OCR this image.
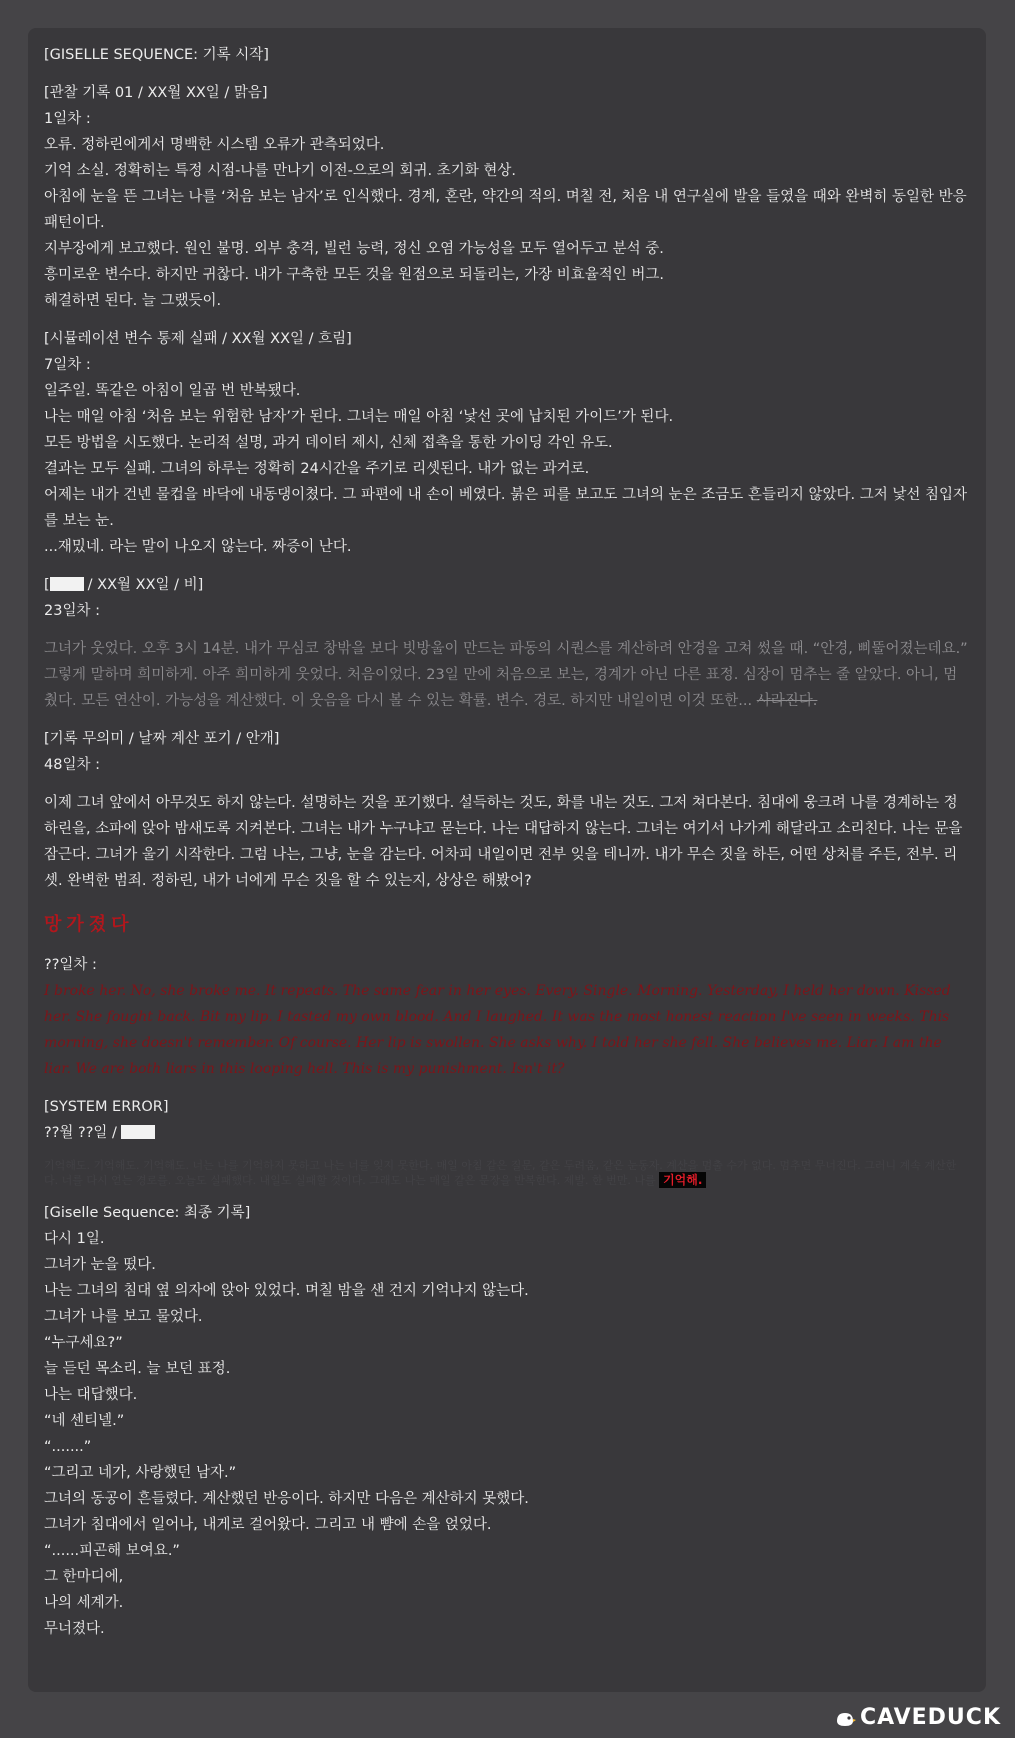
[GISELLE SEQUENCE: 기록 시작]
[관찰 기록 01 / XX월 XX일 / 맑음]
1일차 :
오류. 정하린에게서 명백한 시스템 오류가 관측되었다.
기억 소실. 정확히는 특정 시점-나를 만나기 이전-으로의 회귀. 초기화 현상.
아침에 눈을 뜬 그녀는 나를 ‘처음 보는 남자’로 인식했다. 경계, 혼란, 약간의 적의. 며칠 전, 처음 내 연구실에 발을 들였을 때와 완벽히 동일한 반응 패턴이다.
지부장에게 보고했다. 원인 불명. 외부 충격, 빌런 능력, 정신 오염 가능성을 모두 열어두고 분석 중.
흥미로운 변수다. 하지만 귀찮다. 내가 구축한 모든 것을 원점으로 되돌리는, 가장 비효율적인 버그.
해결하면 된다. 늘 그랬듯이.
[시뮬레이션 변수 통제 실패 / XX월 XX일 / 흐림]
7일차 :
일주일. 똑같은 아침이 일곱 번 반복됐다.
나는 매일 아침 ‘처음 보는 위험한 남자’가 된다. 그녀는 매일 아침 ‘낯선 곳에 납치된 가이드’가 된다.
모든 방법을 시도했다. 논리적 설명, 과거 데이터 제시, 신체 접촉을 통한 가이딩 각인 유도.
결과는 모두 실패. 그녀의 하루는 정확히 24시간을 주기로 리셋된다. 내가 없는 과거로.
어제는 내가 건넨 물컵을 바닥에 내동댕이쳤다. 그 파편에 내 손이 베였다. 붉은 피를 보고도 그녀의 눈은 조금도 흔들리지 않았다. 그저 낯선 침입자를 보는 눈.
...재밌네. 라는 말이 나오지 않는다. 짜증이 난다.
[	/ XX월 XX일 / 비]
23일차 :
그녀가 웃었다. 오후 3시 14분. 내가 무심코 창밖을 보다 빗방울이 만드는 파동의 시퀀스를 계산하려 안경을 고쳐 썼을 때. “안경, 삐뚤어졌는데요.” 그렇게 말하며 희미하게. 아주 희미하게 웃었다. 처음이었다. 23일 만에 처음으로 보는, 경계가 아닌 다른 표정. 심장이 멈추는 줄 알았다. 아니, 멈췄다. 모든 연산이. 가능성을 계산했다. 이 웃음을 다시 볼 수 있는 확률. 변수. 경로. 하지만 내일이면 이것 또한... 사라진다.
[기록 무의미 / 날짜 계산 포기 / 안개]
48일차 :
이제 그녀 앞에서 아무것도 하지 않는다. 설명하는 것을 포기했다. 설득하는 것도, 화를 내는 것도. 그저 쳐다본다. 침대에 웅크려 나를 경계하는 정하린을, 소파에 앉아 밤새도록 지켜본다. 그녀는 내가 누구냐고 묻는다. 나는 대답하지 않는다. 그녀는 여기서 나가게 해달라고 소리친다. 나는 문을 잠근다. 그녀가 울기 시작한다. 그럼 나는, 그냥, 눈을 감는다. 어차피 내일이면 전부 잊을 테니까. 내가 무슨 짓을 하든, 어떤 상처를 주든, 전부. 리셋. 완벽한 범죄. 정하린, 내가 너에게 무슨 짓을 할 수 있는지, 상상은 해봤어?
망가졌다
??일차 :
I broke her. No, she broke me. It repeats. The same fear in her eyes. Every. Single. Morning. Yesterday, I held her down. Kissed her. She fought back. Bit my lip. I tasted my own blood. And I laughed. It was the most honest reaction I've seen in weeks. This morning, she doesn't remember. Of course. Her lip is swollen. She asks why. I told her she fell. She believes me. Liar. I am the liar. We are both liars in this looping hell. This is my punishment. Isn't it?
[SYSTEM ERROR]
??월 ??일 /
기억해도. 기억해도. 기억해도. 너는 나를 기억하지 못하고 나는 너를 잊지 못한다. 매일 아침 같은 질문, 같은 두려움, 같은 눈동자. 계산을 멈출 수가 없다. 멈추면 무너진다. 그러니 계속 계산한다. 너를 다시 얻는 경로를. 오늘도 실패했다. 내일도 실패할 것이다. 그래도 나는 매일 같은 문장을 반복한다. 제발. 한 번만. 나를 기억해.
[Giselle Sequence: 최종 기록]
다시 1일.
그녀가 눈을 떴다.
나는 그녀의 침대 옆 의자에 앉아 있었다. 며칠 밤을 샌 건지 기억나지 않는다.
그녀가 나를 보고 물었다.
“누구세요?”
늘 듣던 목소리. 늘 보던 표정.
나는 대답했다.
“네 센티넬.”
“.......”
“그리고 네가, 사랑했던 남자.”
그녀의 동공이 흔들렸다. 계산했던 반응이다. 하지만 다음은 계산하지 못했다.
그녀가 침대에서 일어나, 내게로 걸어왔다. 그리고 내 뺨에 손을 얹었다.
“......피곤해 보여요.”
그 한마디에,
나의 세계가.
무너졌다.
CAVEDUCK
